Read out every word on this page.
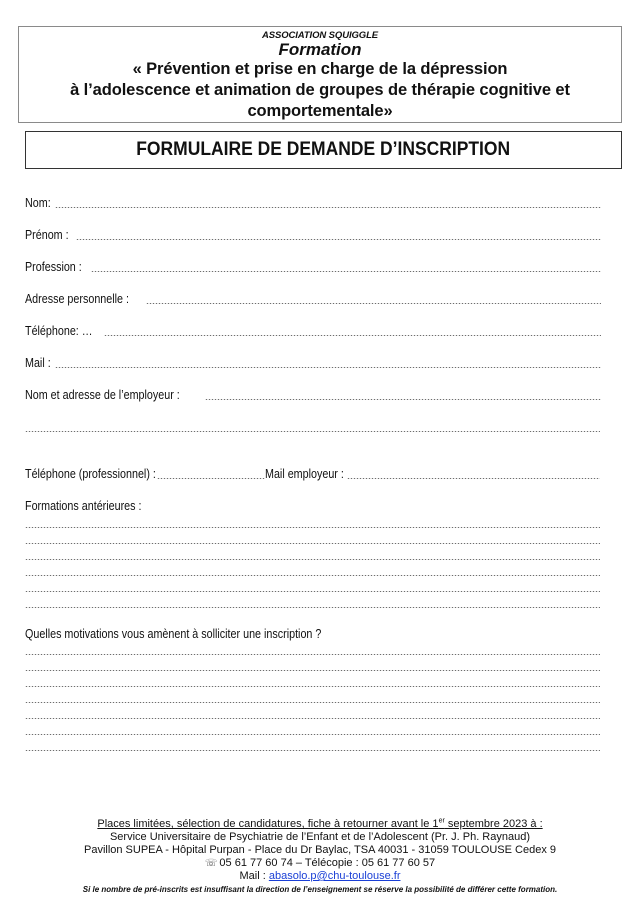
ASSOCIATION SQUIGGLE
Formation
« Prévention et prise en charge de la dépression
à l’adolescence et animation de groupes de thérapie cognitive et
comportementale»
FORMULAIRE DE DEMANDE D’INSCRIPTION
Nom:
Prénom :
Profession :
Adresse personnelle :
Téléphone: …
Mail :
Nom et adresse de l’employeur :
Téléphone (professionnel) :	Mail employeur :
Formations antérieures :
Quelles motivations vous amènent à solliciter une inscription ?
Places limitées, sélection de candidatures, fiche à retourner avant le 1er septembre 2023 à :
Service Universitaire de Psychiatrie de l’Enfant et de l’Adolescent (Pr. J. Ph. Raynaud)
Pavillon SUPEA - Hôpital Purpan - Place du Dr Baylac, TSA 40031 - 31059 TOULOUSE Cedex 9
☏ 05 61 77 60 74 – Télécopie : 05 61 77 60 57
Mail : abasolo.p@chu-toulouse.fr
Si le nombre de pré-inscrits est insuffisant la direction de l’enseignement se réserve la possibilité de différer cette formation.
